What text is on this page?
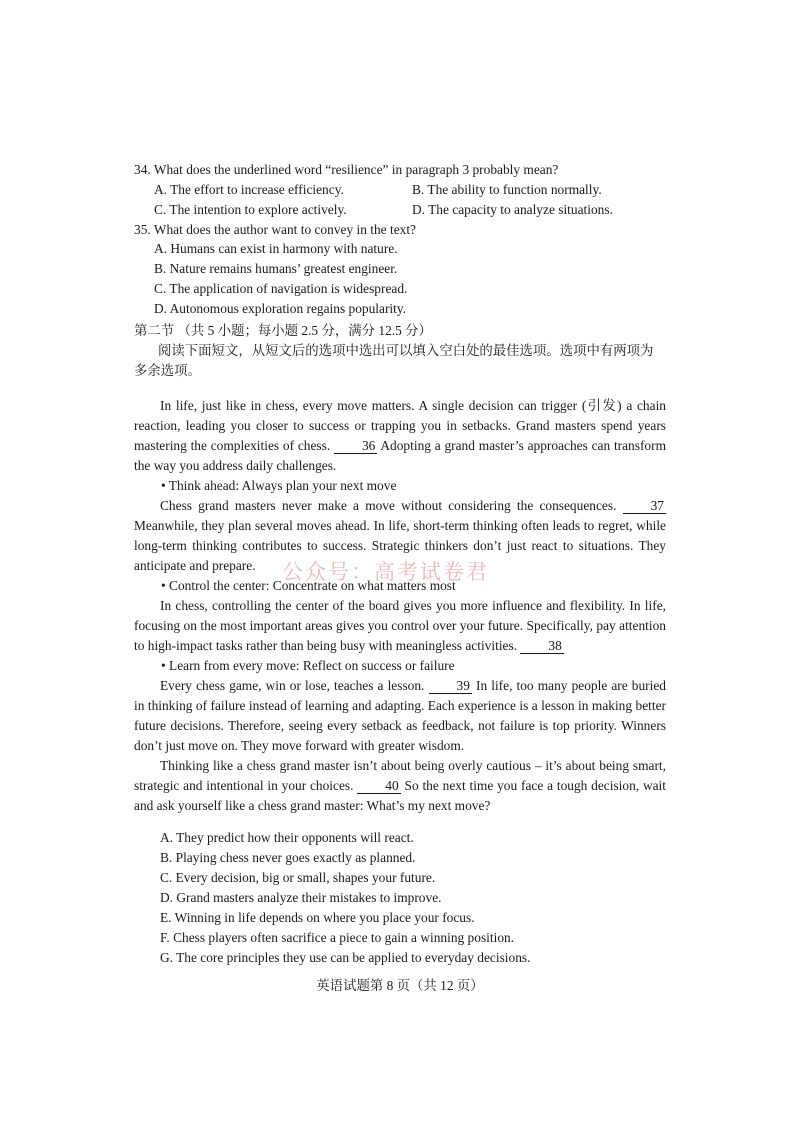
34. What does the underlined word “resilience” in paragraph 3 probably mean?
A. The effort to increase efficiency.	B. The ability to function normally.
C. The intention to explore actively.	D. The capacity to analyze situations.
35. What does the author want to convey in the text?
A. Humans can exist in harmony with nature.
B. Nature remains humans’ greatest engineer.
C. The application of navigation is widespread.
D. Autonomous exploration regains popularity.
第二节 （共 5 小题；每小题 2.5 分，满分 12.5 分）
阅读下面短文，从短文后的选项中选出可以填入空白处的最佳选项。选项中有两项为多余选项。
In life, just like in chess, every move matters. A single decision can trigger (引发) a chain reaction, leading you closer to success or trapping you in setbacks. Grand masters spend years mastering the complexities of chess. 36 Adopting a grand master’s approaches can transform the way you address daily challenges.
• Think ahead: Always plan your next move
Chess grand masters never make a move without considering the consequences. 37 Meanwhile, they plan several moves ahead. In life, short-term thinking often leads to regret, while long-term thinking contributes to success. Strategic thinkers don’t just react to situations. They anticipate and prepare.
• Control the center: Concentrate on what matters most
In chess, controlling the center of the board gives you more influence and flexibility. In life, focusing on the most important areas gives you control over your future. Specifically, pay attention to high-impact tasks rather than being busy with meaningless activities. 38
• Learn from every move: Reflect on success or failure
Every chess game, win or lose, teaches a lesson. 39 In life, too many people are buried in thinking of failure instead of learning and adapting. Each experience is a lesson in making better future decisions. Therefore, seeing every setback as feedback, not failure is top priority. Winners don’t just move on. They move forward with greater wisdom.
Thinking like a chess grand master isn’t about being overly cautious – it’s about being smart, strategic and intentional in your choices. 40 So the next time you face a tough decision, wait and ask yourself like a chess grand master: What’s my next move?
A. They predict how their opponents will react.
B. Playing chess never goes exactly as planned.
C. Every decision, big or small, shapes your future.
D. Grand masters analyze their mistakes to improve.
E. Winning in life depends on where you place your focus.
F. Chess players often sacrifice a piece to gain a winning position.
G. The core principles they use can be applied to everyday decisions.
公众号：高考试卷君
英语试题第 8 页（共 12 页）
